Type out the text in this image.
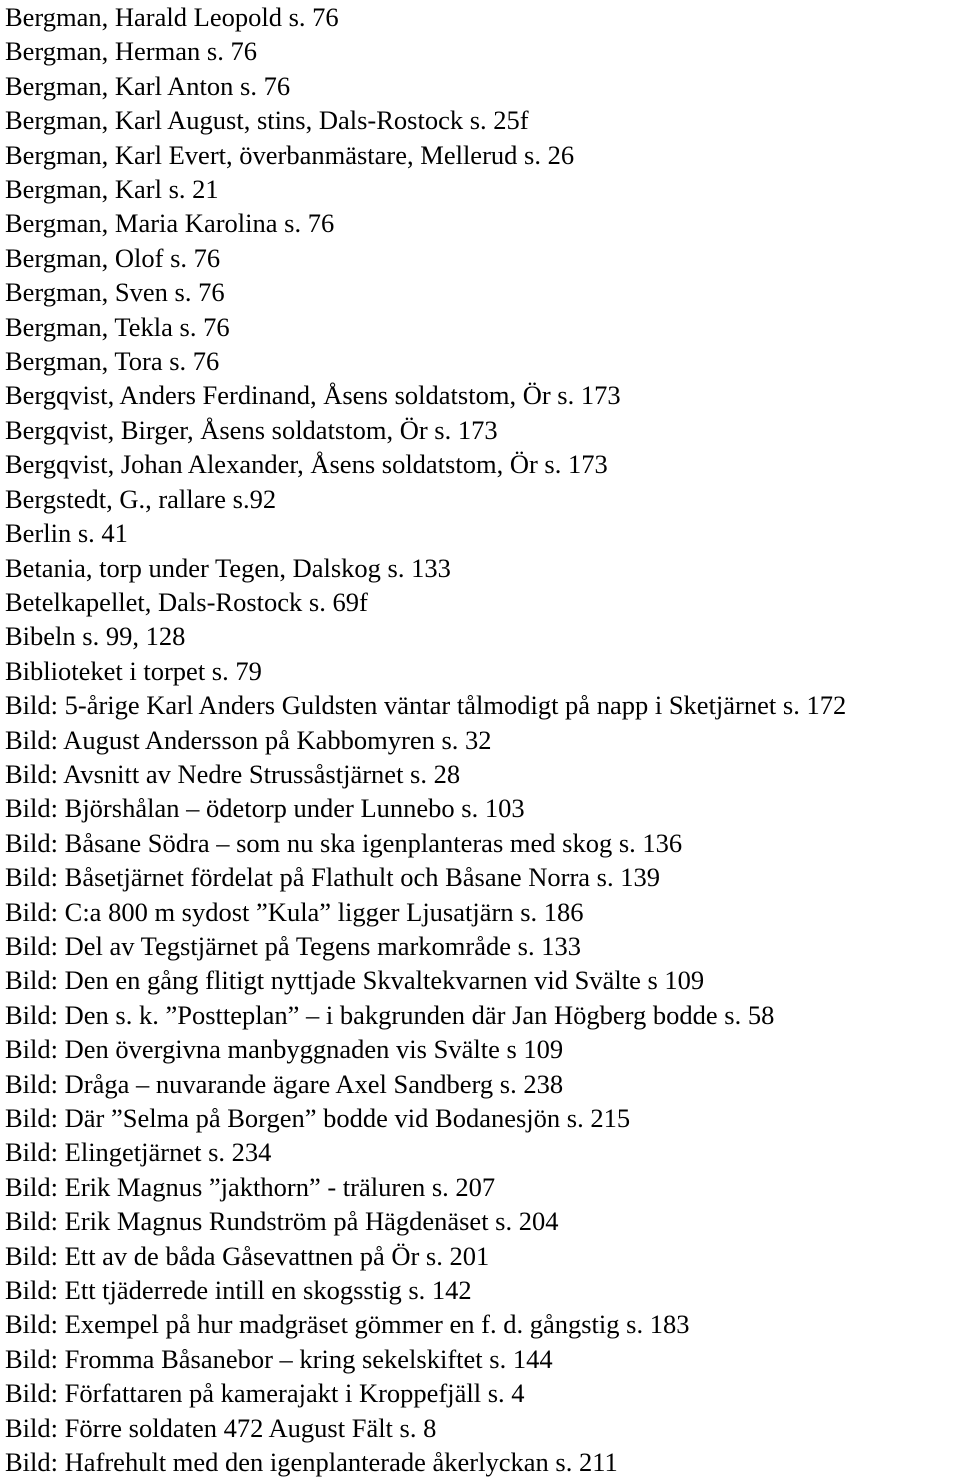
Bergman, Harald Leopold s. 76
Bergman, Herman s. 76
Bergman, Karl Anton s. 76
Bergman, Karl August, stins, Dals-Rostock s. 25f
Bergman, Karl Evert, överbanmästare, Mellerud s. 26
Bergman, Karl s. 21
Bergman, Maria Karolina s. 76
Bergman, Olof s. 76
Bergman, Sven s. 76
Bergman, Tekla s. 76
Bergman, Tora s. 76
Bergqvist, Anders Ferdinand, Åsens soldatstom, Ör s. 173
Bergqvist, Birger, Åsens soldatstom, Ör s. 173
Bergqvist, Johan Alexander, Åsens soldatstom, Ör s. 173
Bergstedt, G., rallare s.92
Berlin s. 41
Betania, torp under Tegen, Dalskog s. 133
Betelkapellet, Dals-Rostock s. 69f
Bibeln s. 99, 128
Biblioteket i torpet s. 79
Bild: 5-årige Karl Anders Guldsten väntar tålmodigt på napp i Sketjärnet s. 172
Bild: August Andersson på Kabbomyren s. 32
Bild: Avsnitt av Nedre Strussåstjärnet s. 28
Bild: Björshålan – ödetorp under Lunnebo s. 103
Bild: Båsane Södra – som nu ska igenplanteras med skog s. 136
Bild: Båsetjärnet fördelat på Flathult och Båsane Norra s. 139
Bild: C:a 800 m sydost ”Kula” ligger Ljusatjärn s. 186
Bild: Del av Tegstjärnet på Tegens markområde s. 133
Bild: Den en gång flitigt nyttjade Skvaltekvarnen vid Svälte s 109
Bild: Den s. k. ”Postteplan” – i bakgrunden där Jan Högberg bodde s. 58
Bild: Den övergivna manbyggnaden vis Svälte s 109
Bild: Dråga – nuvarande ägare Axel Sandberg s. 238
Bild: Där ”Selma på Borgen” bodde vid Bodanesjön s. 215
Bild: Elingetjärnet s. 234
Bild: Erik Magnus ”jakthorn” - träluren s. 207
Bild: Erik Magnus Rundström på Hägdenäset s. 204
Bild: Ett av de båda Gåsevattnen på Ör s. 201
Bild: Ett tjäderrede intill en skogsstig s. 142
Bild: Exempel på hur madgräset gömmer en f. d. gångstig s. 183
Bild: Fromma Båsanebor – kring sekelskiftet s. 144
Bild: Författaren på kamerajakt i Kroppefjäll s. 4
Bild: Förre soldaten 472 August Fält s. 8
Bild: Hafrehult med den igenplanterade åkerlyckan s. 211
